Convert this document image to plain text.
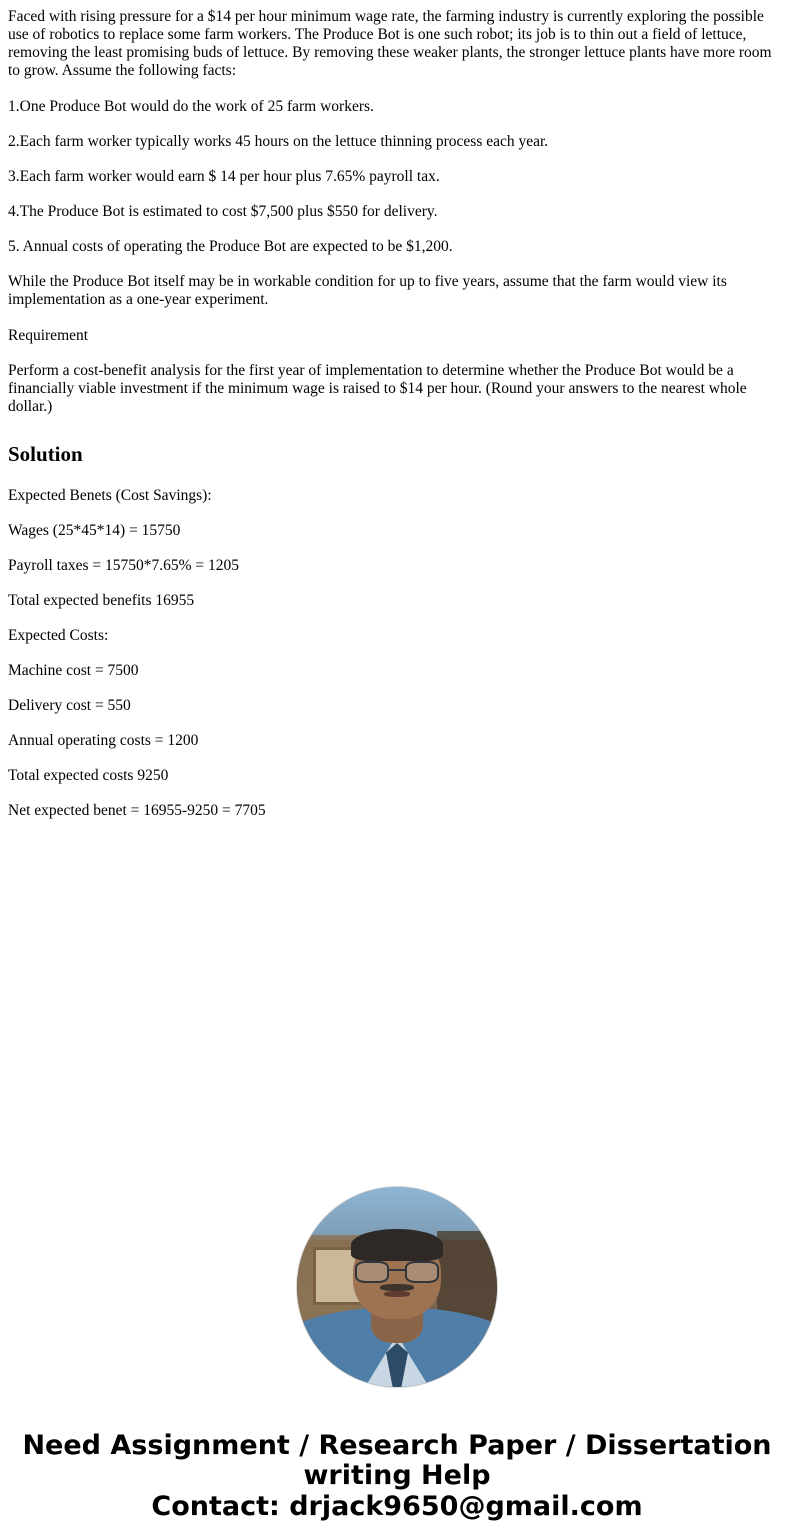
Faced with rising pressure for a $14 per hour minimum wage rate, the farming industry is currently exploring the possible use of robotics to replace some farm workers. The Produce Bot is one such robot; its job is to thin out a field of lettuce, removing the least promising buds of lettuce. By removing these weaker plants, the stronger lettuce plants have more room to grow. Assume the following facts:

1.One Produce Bot would do the work of 25 farm workers.

2.Each farm worker typically works 45 hours on the lettuce thinning process each year.

3.Each farm worker would earn $ 14 per hour plus 7.65% payroll tax.

4.The Produce Bot is estimated to cost $7,500 plus $550 for delivery.

5. Annual costs of operating the Produce Bot are expected to be $1,200.

While the Produce Bot itself may be in workable condition for up to five years, assume that the farm would view its implementation as a one-year experiment.

Requirement

Perform a cost-benefit analysis for the first year of implementation to determine whether the Produce Bot would be a financially viable investment if the minimum wage is raised to $14 per hour. (Round your answers to the nearest whole dollar.)

Solution

Expected Benets (Cost Savings):

Wages (25*45*14) = 15750

Payroll taxes = 15750*7.65% = 1205

Total expected benefits 16955

Expected Costs:

Machine cost = 7500

Delivery cost = 550

Annual operating costs = 1200

Total expected costs 9250

Net expected benet = 16955-9250 = 7705

Need Assignment / Research Paper / Dissertation
writing Help
Contact: drjack9650@gmail.com
